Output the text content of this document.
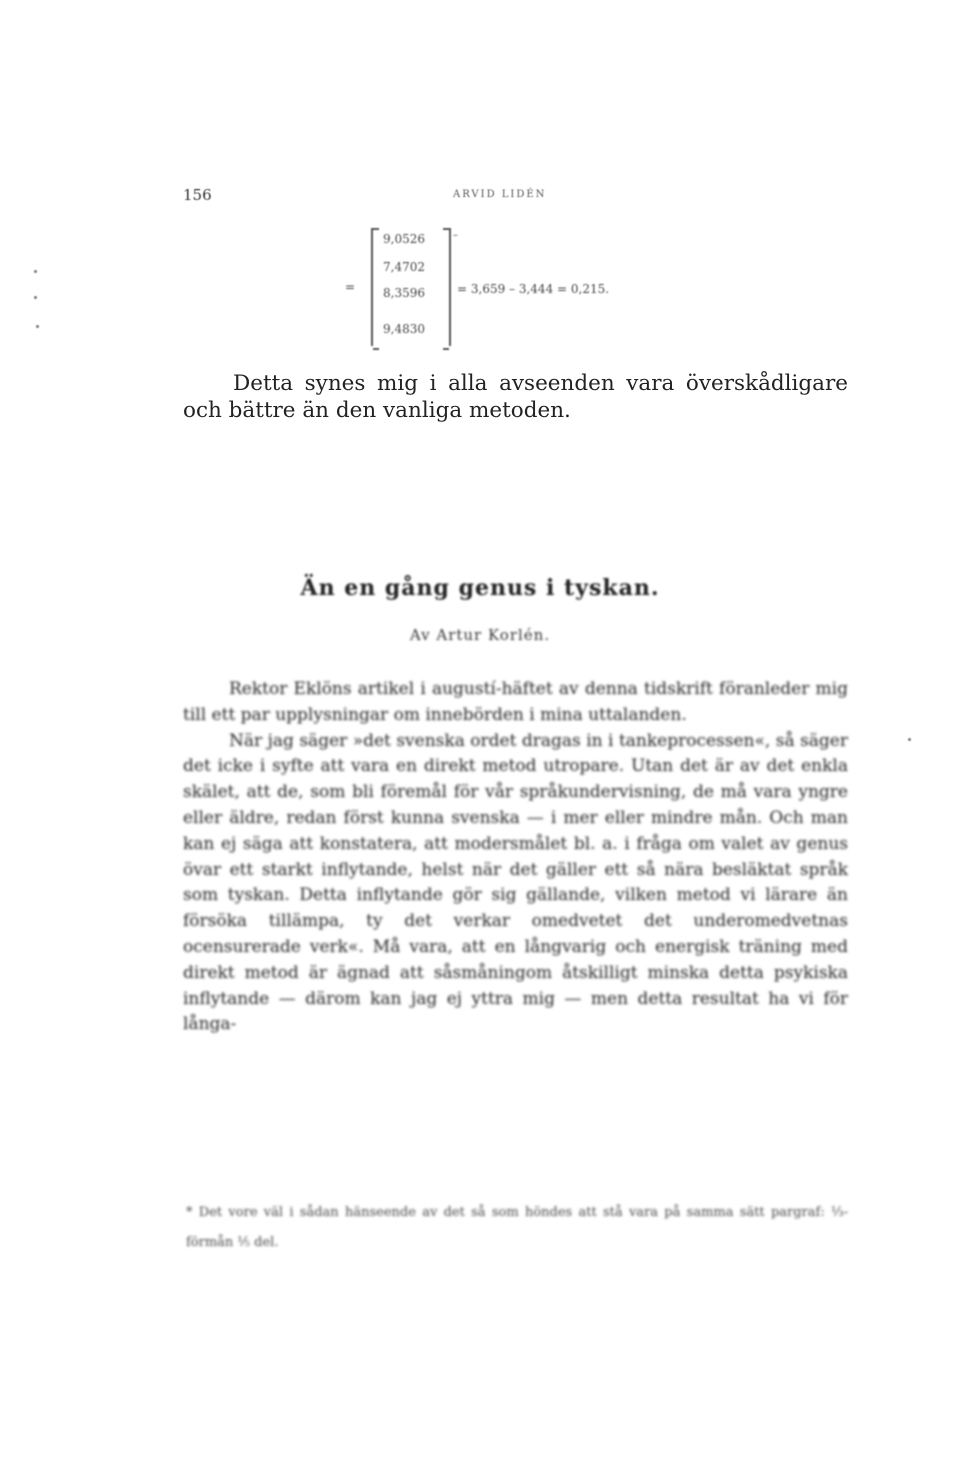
156	ARVID LIDÉN
=
9,0526
7,4702
8,3596
9,4830
–
= 3,659 – 3,444 = 0,215.
Detta synes mig i alla avseenden vara överskådligare
och bättre än den vanliga metoden.
Än en gång genus i tyskan.
Av Artur Korlén.

Rektor Eklöns artikel i augustí-häftet av denna tidskrift föranleder mig till ett par upplysningar om innebörden i mina uttalanden.

När jag säger »det svenska ordet dragas in i tankeprocessen«, så säger det icke i syfte att vara en direkt metod utropare. Utan det är av det enkla skälet, att de, som bli föremål för vår språkundervisning, de må vara yngre eller äldre, redan först kunna svenska — i mer eller mindre mån. Och man kan ej säga att konstatera, att modersmålet bl. a. i fråga om valet av genus övar ett starkt inflytande, helst när det gäller ett så nära besläktat språk som tyskan. Detta inflytande gör sig gällande, vilken metod vi lärare än försöka tillämpa, ty det verkar omedvetet det underomedvetnas ocensurerade verk«. Må vara, att en långvarig och energisk träning med direkt metod är ägnad att såsmåningom åtskilligt minska detta psykiska inflytande — därom kan jag ej yttra mig — men detta resultat ha vi för långa-

* Det vore väl i sådan hänseende av det så som höndes att stå vara på samma sätt pargraf: ⅓-förmån ⅕ del.
